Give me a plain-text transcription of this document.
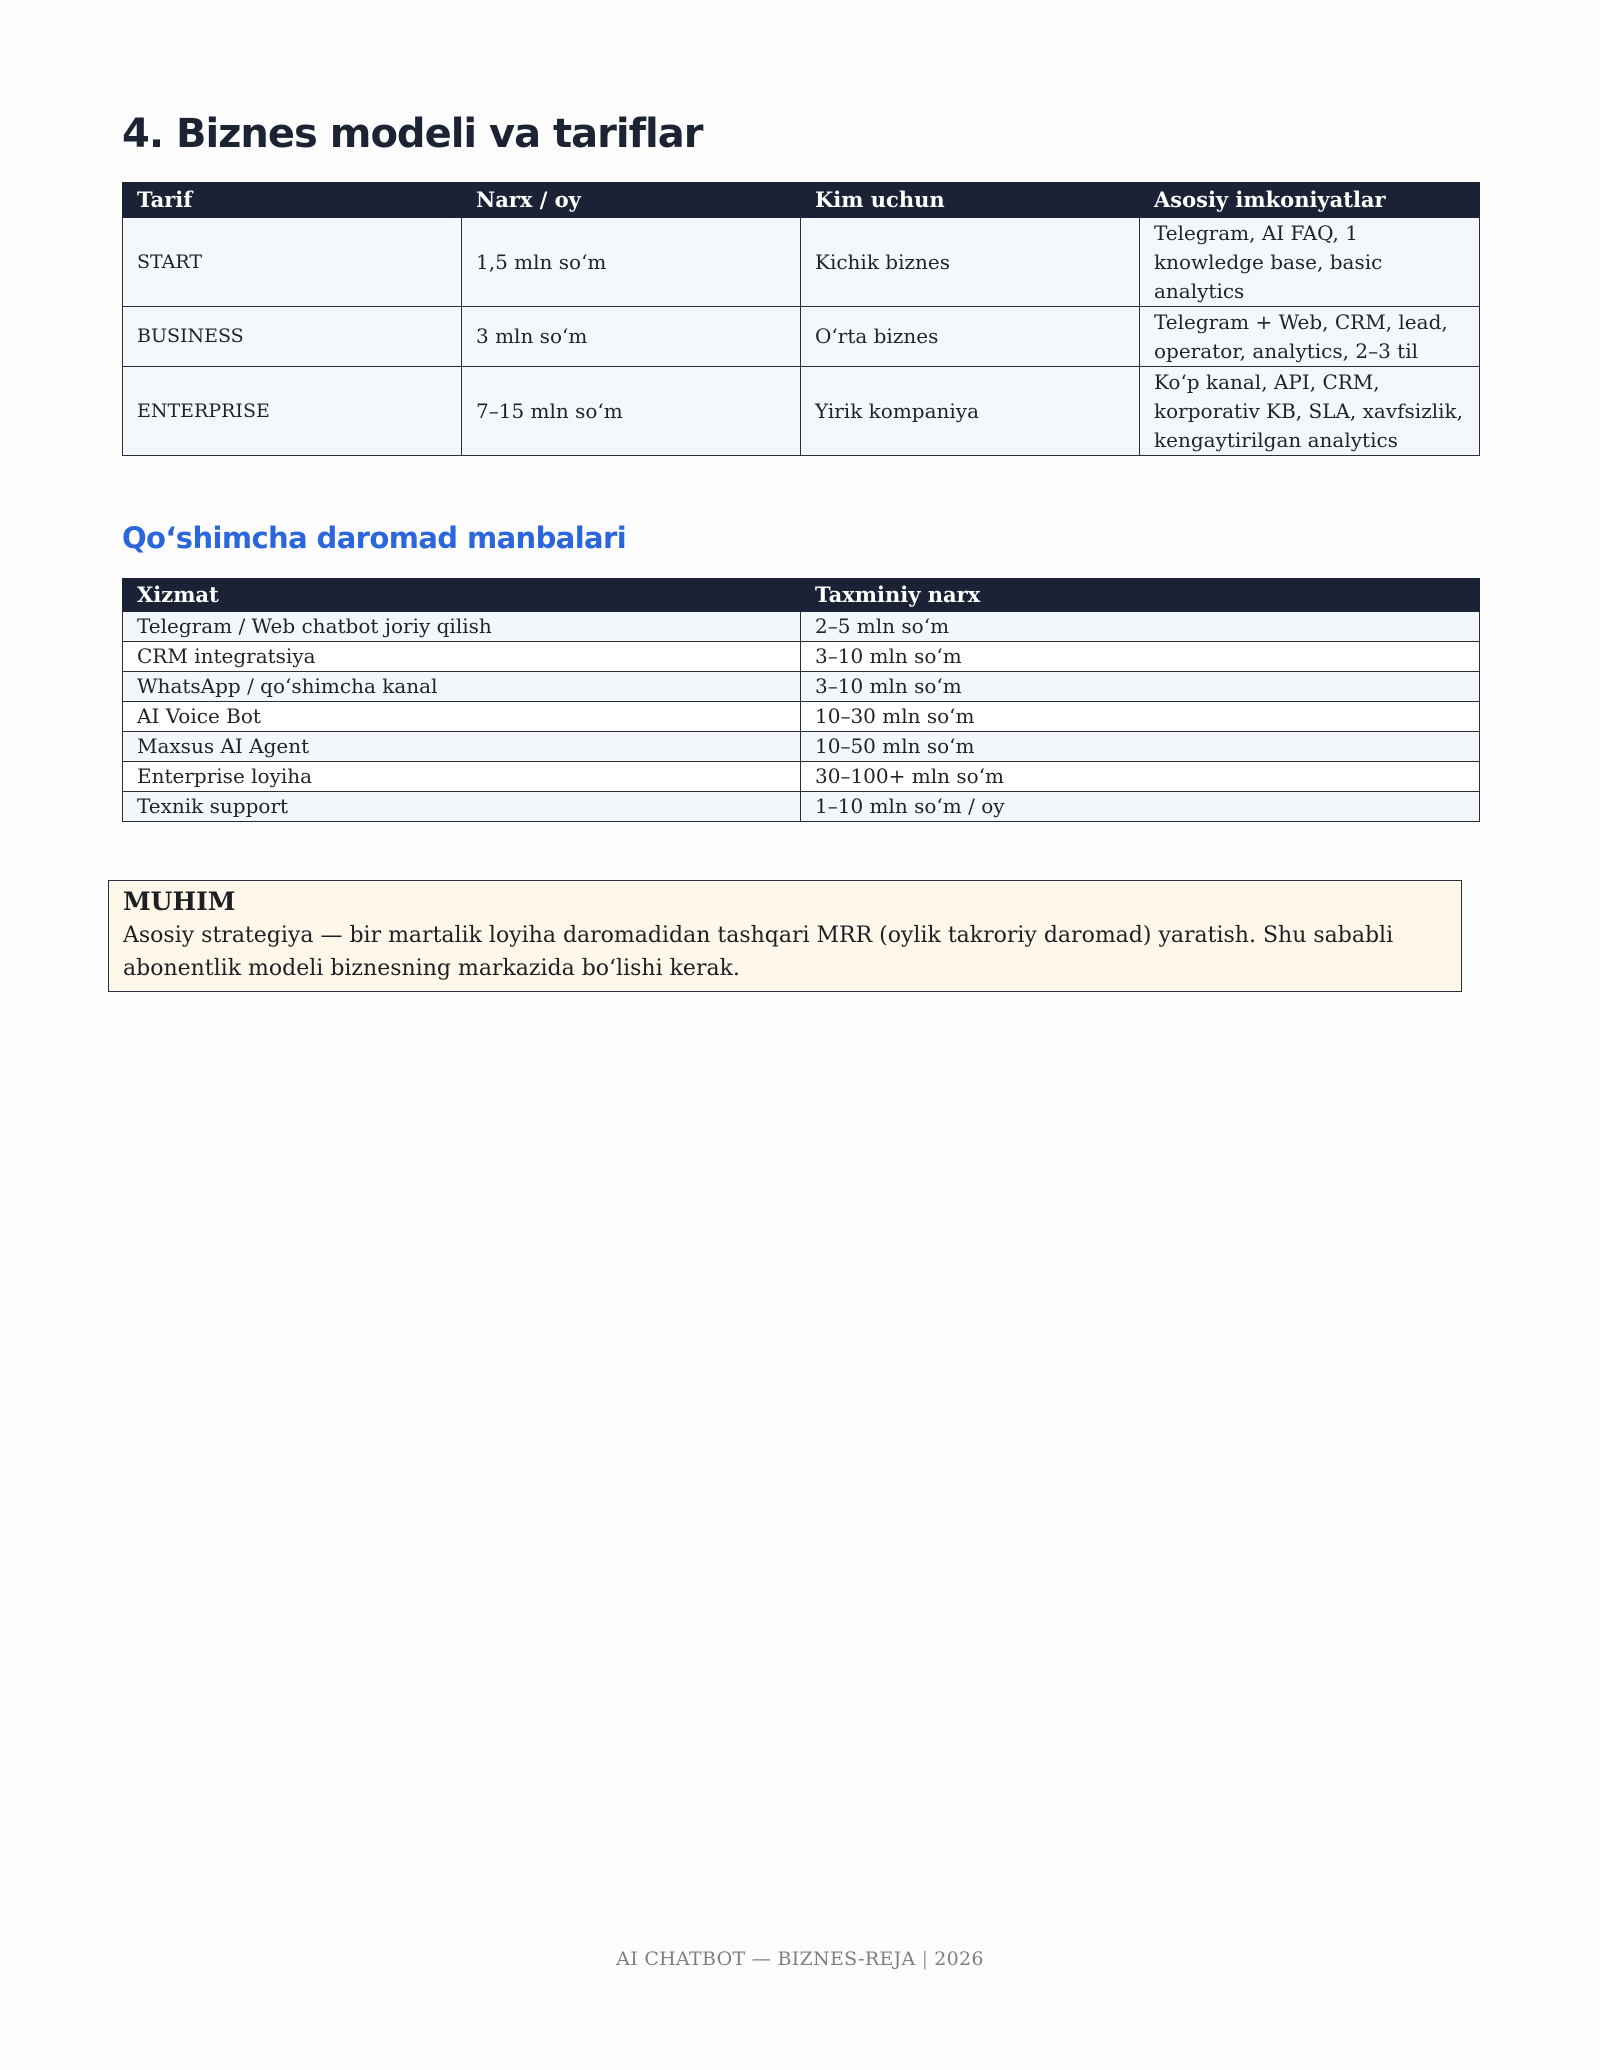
4. Biznes modeli va tariflar
Tarif	Narx / oy	Kim uchun	Asosiy imkoniyatlar
START	1,5 mln so‘m	Kichik biznes	Telegram, AI FAQ, 1 knowledge base, basic analytics
BUSINESS	3 mln so‘m	O‘rta biznes	Telegram + Web, CRM, lead, operator, analytics, 2–3 til
ENTERPRISE	7–15 mln so‘m	Yirik kompaniya	Ko‘p kanal, API, CRM, korporativ KB, SLA, xavfsizlik, kengaytirilgan analytics
Qo‘shimcha daromad manbalari
Xizmat	Taxminiy narx
Telegram / Web chatbot joriy qilish	2–5 mln so‘m
CRM integratsiya	3–10 mln so‘m
WhatsApp / qo‘shimcha kanal	3–10 mln so‘m
AI Voice Bot	10–30 mln so‘m
Maxsus AI Agent	10–50 mln so‘m
Enterprise loyiha	30–100+ mln so‘m
Texnik support	1–10 mln so‘m / oy
MUHIM
Asosiy strategiya — bir martalik loyiha daromadidan tashqari MRR (oylik takroriy daromad) yaratish. Shu sababli abonentlik modeli biznesning markazida bo‘lishi kerak.
AI CHATBOT — BIZNES-REJA | 2026
